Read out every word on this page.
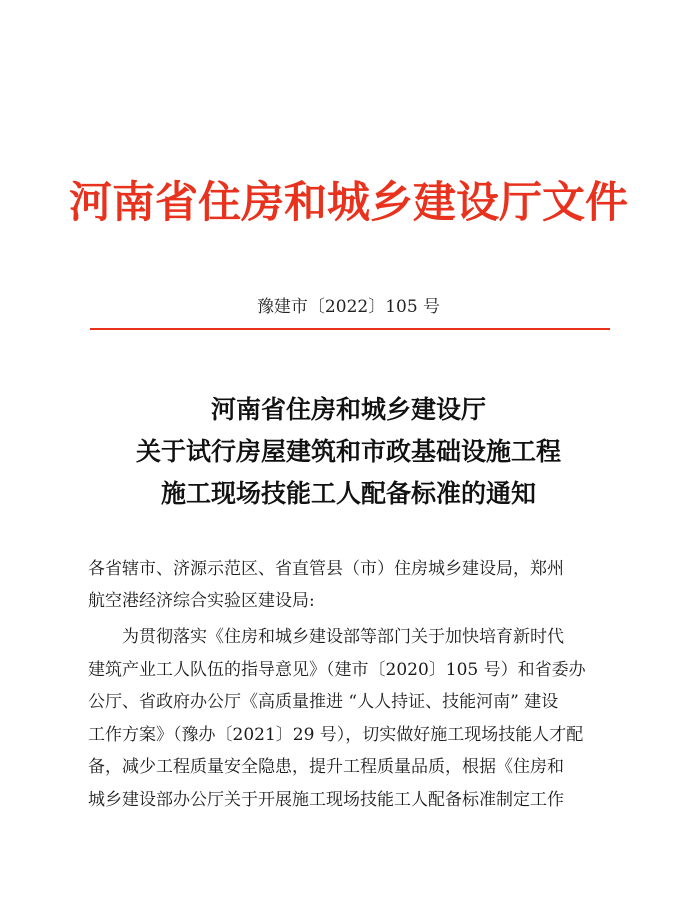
河南省住房和城乡建设厅文件
豫建市〔2022〕105 号
河南省住房和城乡建设厅
关于试行房屋建筑和市政基础设施工程
施工现场技能工人配备标准的通知
各省辖市、济源示范区、省直管县（市）住房城乡建设局，郑州
航空港经济综合实验区建设局:
为贯彻落实《住房和城乡建设部等部门关于加快培育新时代
建筑产业工人队伍的指导意见》（建市〔2020〕105 号）和省委办
公厅、省政府办公厅《高质量推进 “人人持证、技能河南” 建设
工作方案》（豫办〔2021〕29 号），切实做好施工现场技能人才配
备，减少工程质量安全隐患，提升工程质量品质，根据《住房和
城乡建设部办公厅关于开展施工现场技能工人配备标准制定工作
